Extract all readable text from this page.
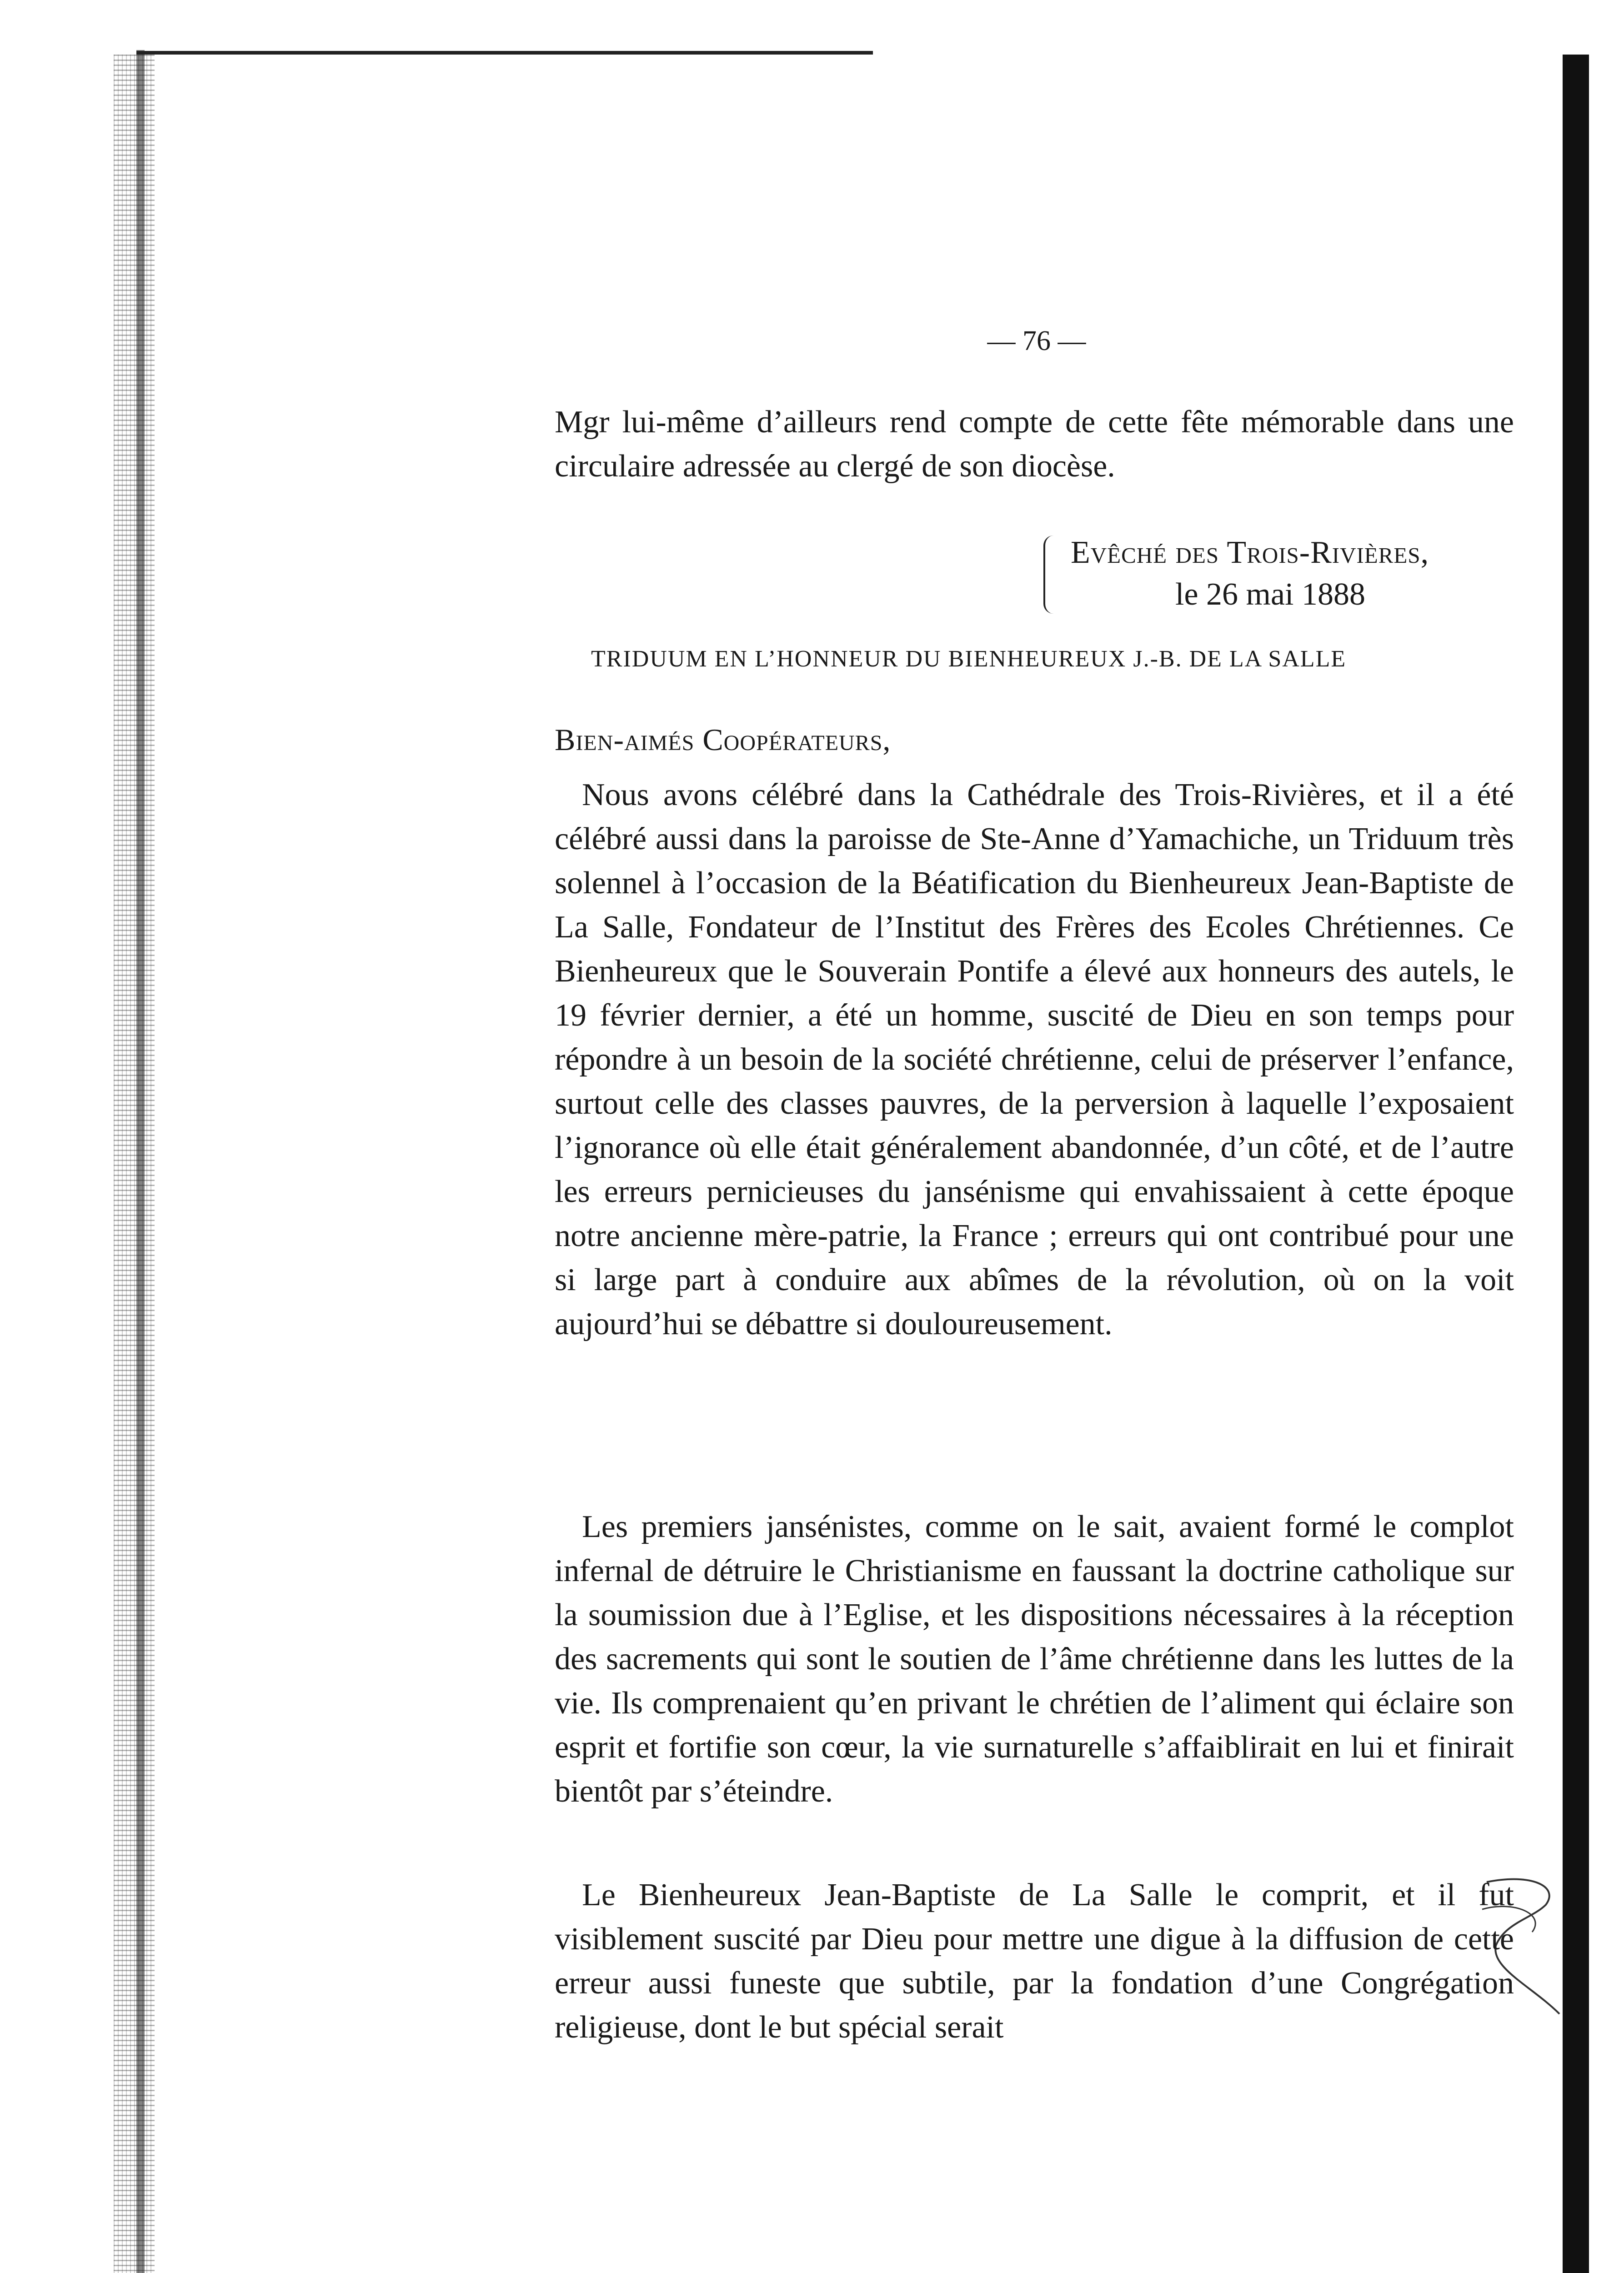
— 76 —

Mgr lui-même d’ailleurs rend compte de cette fête mémorable dans une circulaire adressée au clergé de son diocèse.

Evêché des Trois-Rivières,
le 26 mai 1888
TRIDUUM EN L’HONNEUR DU BIENHEUREUX J.-B. DE LA SALLE
Bien-aimés Coopérateurs,

Nous avons célébré dans la Cathédrale des Trois-Rivières, et il a été célébré aussi dans la paroisse de Ste-Anne d’Yamachiche, un Triduum très solennel à l’occasion de la Béatification du Bienheureux Jean-Baptiste de La Salle, Fondateur de l’Institut des Frères des Ecoles Chrétiennes. Ce Bienheureux que le Souverain Pontife a élevé aux honneurs des autels, le 19 février dernier, a été un homme, suscité de Dieu en son temps pour répondre à un besoin de la société chrétienne, celui de préserver l’enfance, surtout celle des classes pauvres, de la perversion à laquelle l’exposaient l’ignorance où elle était généralement abandonnée, d’un côté, et de l’autre les erreurs pernicieuses du jansénisme qui envahissaient à cette époque notre ancienne mère-patrie, la France ; erreurs qui ont contribué pour une si large part à conduire aux abîmes de la révolution, où on la voit aujourd’hui se débattre si douloureusement.

Les premiers jansénistes, comme on le sait, avaient formé le complot infernal de détruire le Christianisme en faussant la doctrine catholique sur la soumission due à l’Eglise, et les dispositions nécessaires à la réception des sacrements qui sont le soutien de l’âme chrétienne dans les luttes de la vie. Ils comprenaient qu’en privant le chrétien de l’aliment qui éclaire son esprit et fortifie son cœur, la vie surnaturelle s’affaiblirait en lui et finirait bientôt par s’éteindre.

Le Bienheureux Jean-Baptiste de La Salle le comprit, et il fut visiblement suscité par Dieu pour mettre une digue à la diffusion de cette erreur aussi funeste que subtile, par la fondation d’une Congrégation religieuse, dont le but spécial serait
